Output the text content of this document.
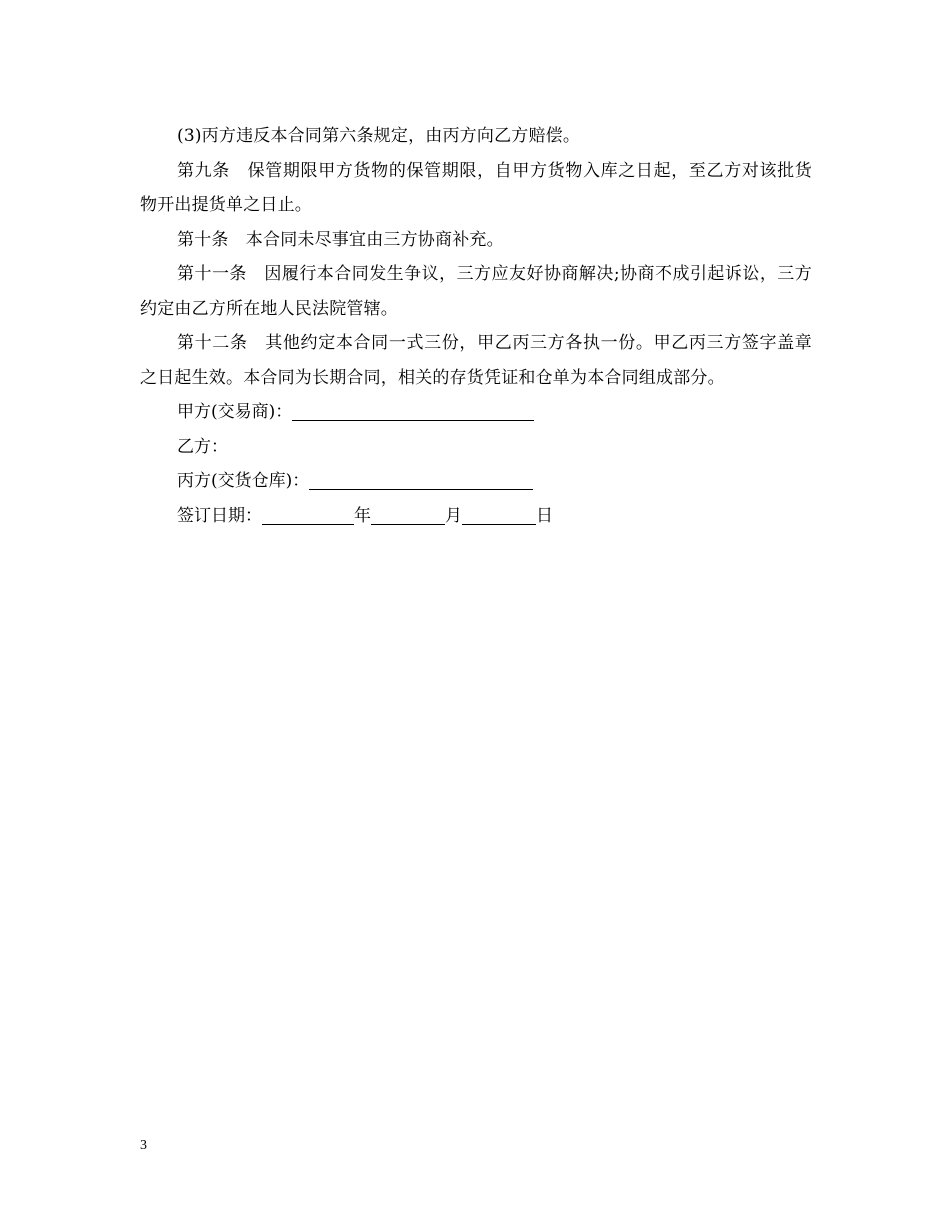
(3)丙方违反本合同第六条规定，由丙方向乙方赔偿。

第九条　保管期限甲方货物的保管期限，自甲方货物入库之日起，至乙方对该批货物开出提货单之日止。

第十条　本合同未尽事宜由三方协商补充。

第十一条　因履行本合同发生争议，三方应友好协商解决;协商不成引起诉讼，三方约定由乙方所在地人民法院管辖。

第十二条　其他约定本合同一式三份，甲乙丙三方各执一份。甲乙丙三方签字盖章之日起生效。本合同为长期合同，相关的存货凭证和仓单为本合同组成部分。

甲方(交易商)：

乙方：

丙方(交货仓库)：

签订日期：	年	月	日

3
